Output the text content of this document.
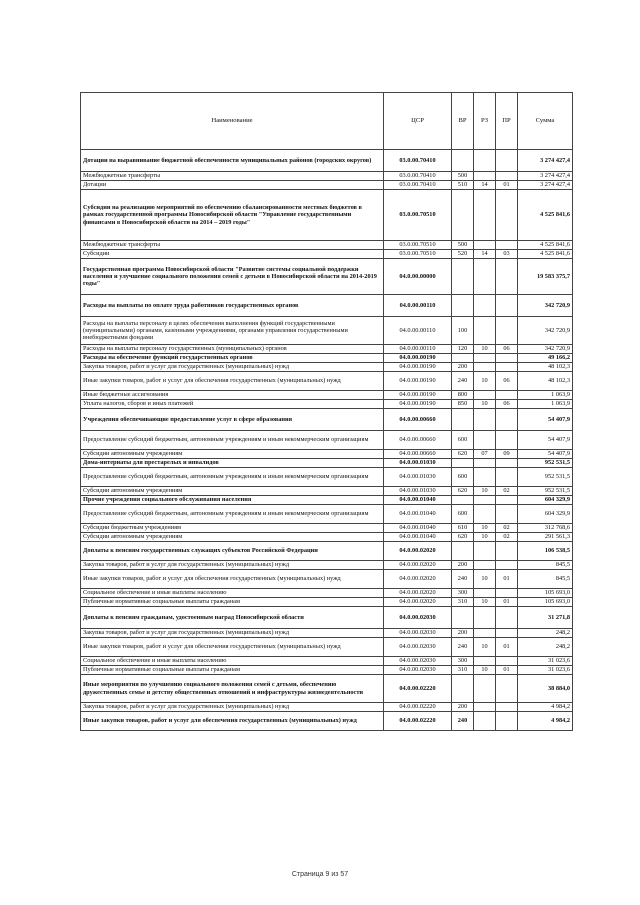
Наименование	ЦСР	ВР	РЗ	ПР	Сумма
Дотации на выравнивание бюджетной обеспеченности муниципальных районов (городских округов)	03.0.00.70410				3 274 427,4
Межбюджетные трансферты	03.0.00.70410	500			3 274 427,4
Дотации	03.0.00.70410	510	14	01	3 274 427,4
Субсидии на реализацию мероприятий по обеспечению сбалансированности местных бюджетов в рамках государственной программы Новосибирской области "Управление государственными финансами в Новосибирской области на 2014 – 2019 годы"	03.0.00.70510				4 525 841,6
Межбюджетные трансферты	03.0.00.70510	500			4 525 841,6
Субсидии	03.0.00.70510	520	14	03	4 525 841,6
Государственная программа Новосибирской области "Развитие системы социальной поддержки населения и улучшение социального положения семей с детьми в Новосибирской области на 2014-2019 годы"	04.0.00.00000				19 583 375,7
Расходы на выплаты по оплате труда работников государственных органов	04.0.00.00110				342 720,9
Расходы на выплаты персоналу в целях обеспечения выполнения функций государственными (муниципальными) органами, казенными учреждениями, органами управления государственными внебюджетными фондами	04.0.00.00110	100			342 720,9
Расходы на выплаты персоналу государственных (муниципальных) органов	04.0.00.00110	120	10	06	342 720,9
Расходы на обеспечение функций государственных органов	04.0.00.00190				49 166,2
Закупка товаров, работ и услуг для государственных (муниципальных) нужд	04.0.00.00190	200			48 102,3
Иные закупки товаров, работ и услуг для обеспечения государственных (муниципальных) нужд	04.0.00.00190	240	10	06	48 102,3
Иные бюджетные ассигнования	04.0.00.00190	800			1 063,9
Уплата налогов, сборов и иных платежей	04.0.00.00190	850	10	06	1 063,9
Учреждения обеспечивающие предоставление услуг в сфере образования	04.0.00.00660				54 407,9
Предоставление субсидий бюджетным, автономным учреждениям и иным некоммерческим организациям	04.0.00.00660	600			54 407,9
Субсидии автономным учреждениям	04.0.00.00660	620	07	09	54 407,9
Дома-интернаты для престарелых и инвалидов	04.0.00.01030				952 531,5
Предоставление субсидий бюджетным, автономным учреждениям и иным некоммерческим организациям	04.0.00.01030	600			952 531,5
Субсидии автономным учреждениям	04.0.00.01030	620	10	02	952 531,5
Прочие учреждения социального обслуживания населения	04.0.00.01040				604 329,9
Предоставление субсидий бюджетным, автономным учреждениям и иным некоммерческим организациям	04.0.00.01040	600			604 329,9
Субсидии бюджетным учреждениям	04.0.00.01040	610	10	02	312 768,6
Субсидии автономным учреждениям	04.0.00.01040	620	10	02	291 561,3
Доплаты к пенсиям государственных служащих субъектов Российской Федерации	04.0.00.02020				106 538,5
Закупка товаров, работ и услуг для государственных (муниципальных) нужд	04.0.00.02020	200			845,5
Иные закупки товаров, работ и услуг для обеспечения государственных (муниципальных) нужд	04.0.00.02020	240	10	01	845,5
Социальное обеспечение и иные выплаты населению	04.0.00.02020	300			105 693,0
Публичные нормативные социальные выплаты гражданам	04.0.00.02020	310	10	01	105 693,0
Доплаты к пенсиям гражданам, удостоенным наград Новосибирской области	04.0.00.02030				31 271,8
Закупка товаров, работ и услуг для государственных (муниципальных) нужд	04.0.00.02030	200			248,2
Иные закупки товаров, работ и услуг для обеспечения государственных (муниципальных) нужд	04.0.00.02030	240	10	01	248,2
Социальное обеспечение и иные выплаты населению	04.0.00.02030	300			31 023,6
Публичные нормативные социальные выплаты гражданам	04.0.00.02030	310	10	01	31 023,6
Иные мероприятия по улучшению социального положения семей с детьми, обеспечению дружественных семье и детству общественных отношений и инфраструктуры жизнедеятельности	04.0.00.02220				38 884,0
Закупка товаров, работ и услуг для государственных (муниципальных) нужд	04.0.00.02220	200			4 984,2
Иные закупки товаров, работ и услуг для обеспечения государственных (муниципальных) нужд	04.0.00.02220	240			4 984,2
Страница 9 из 57
